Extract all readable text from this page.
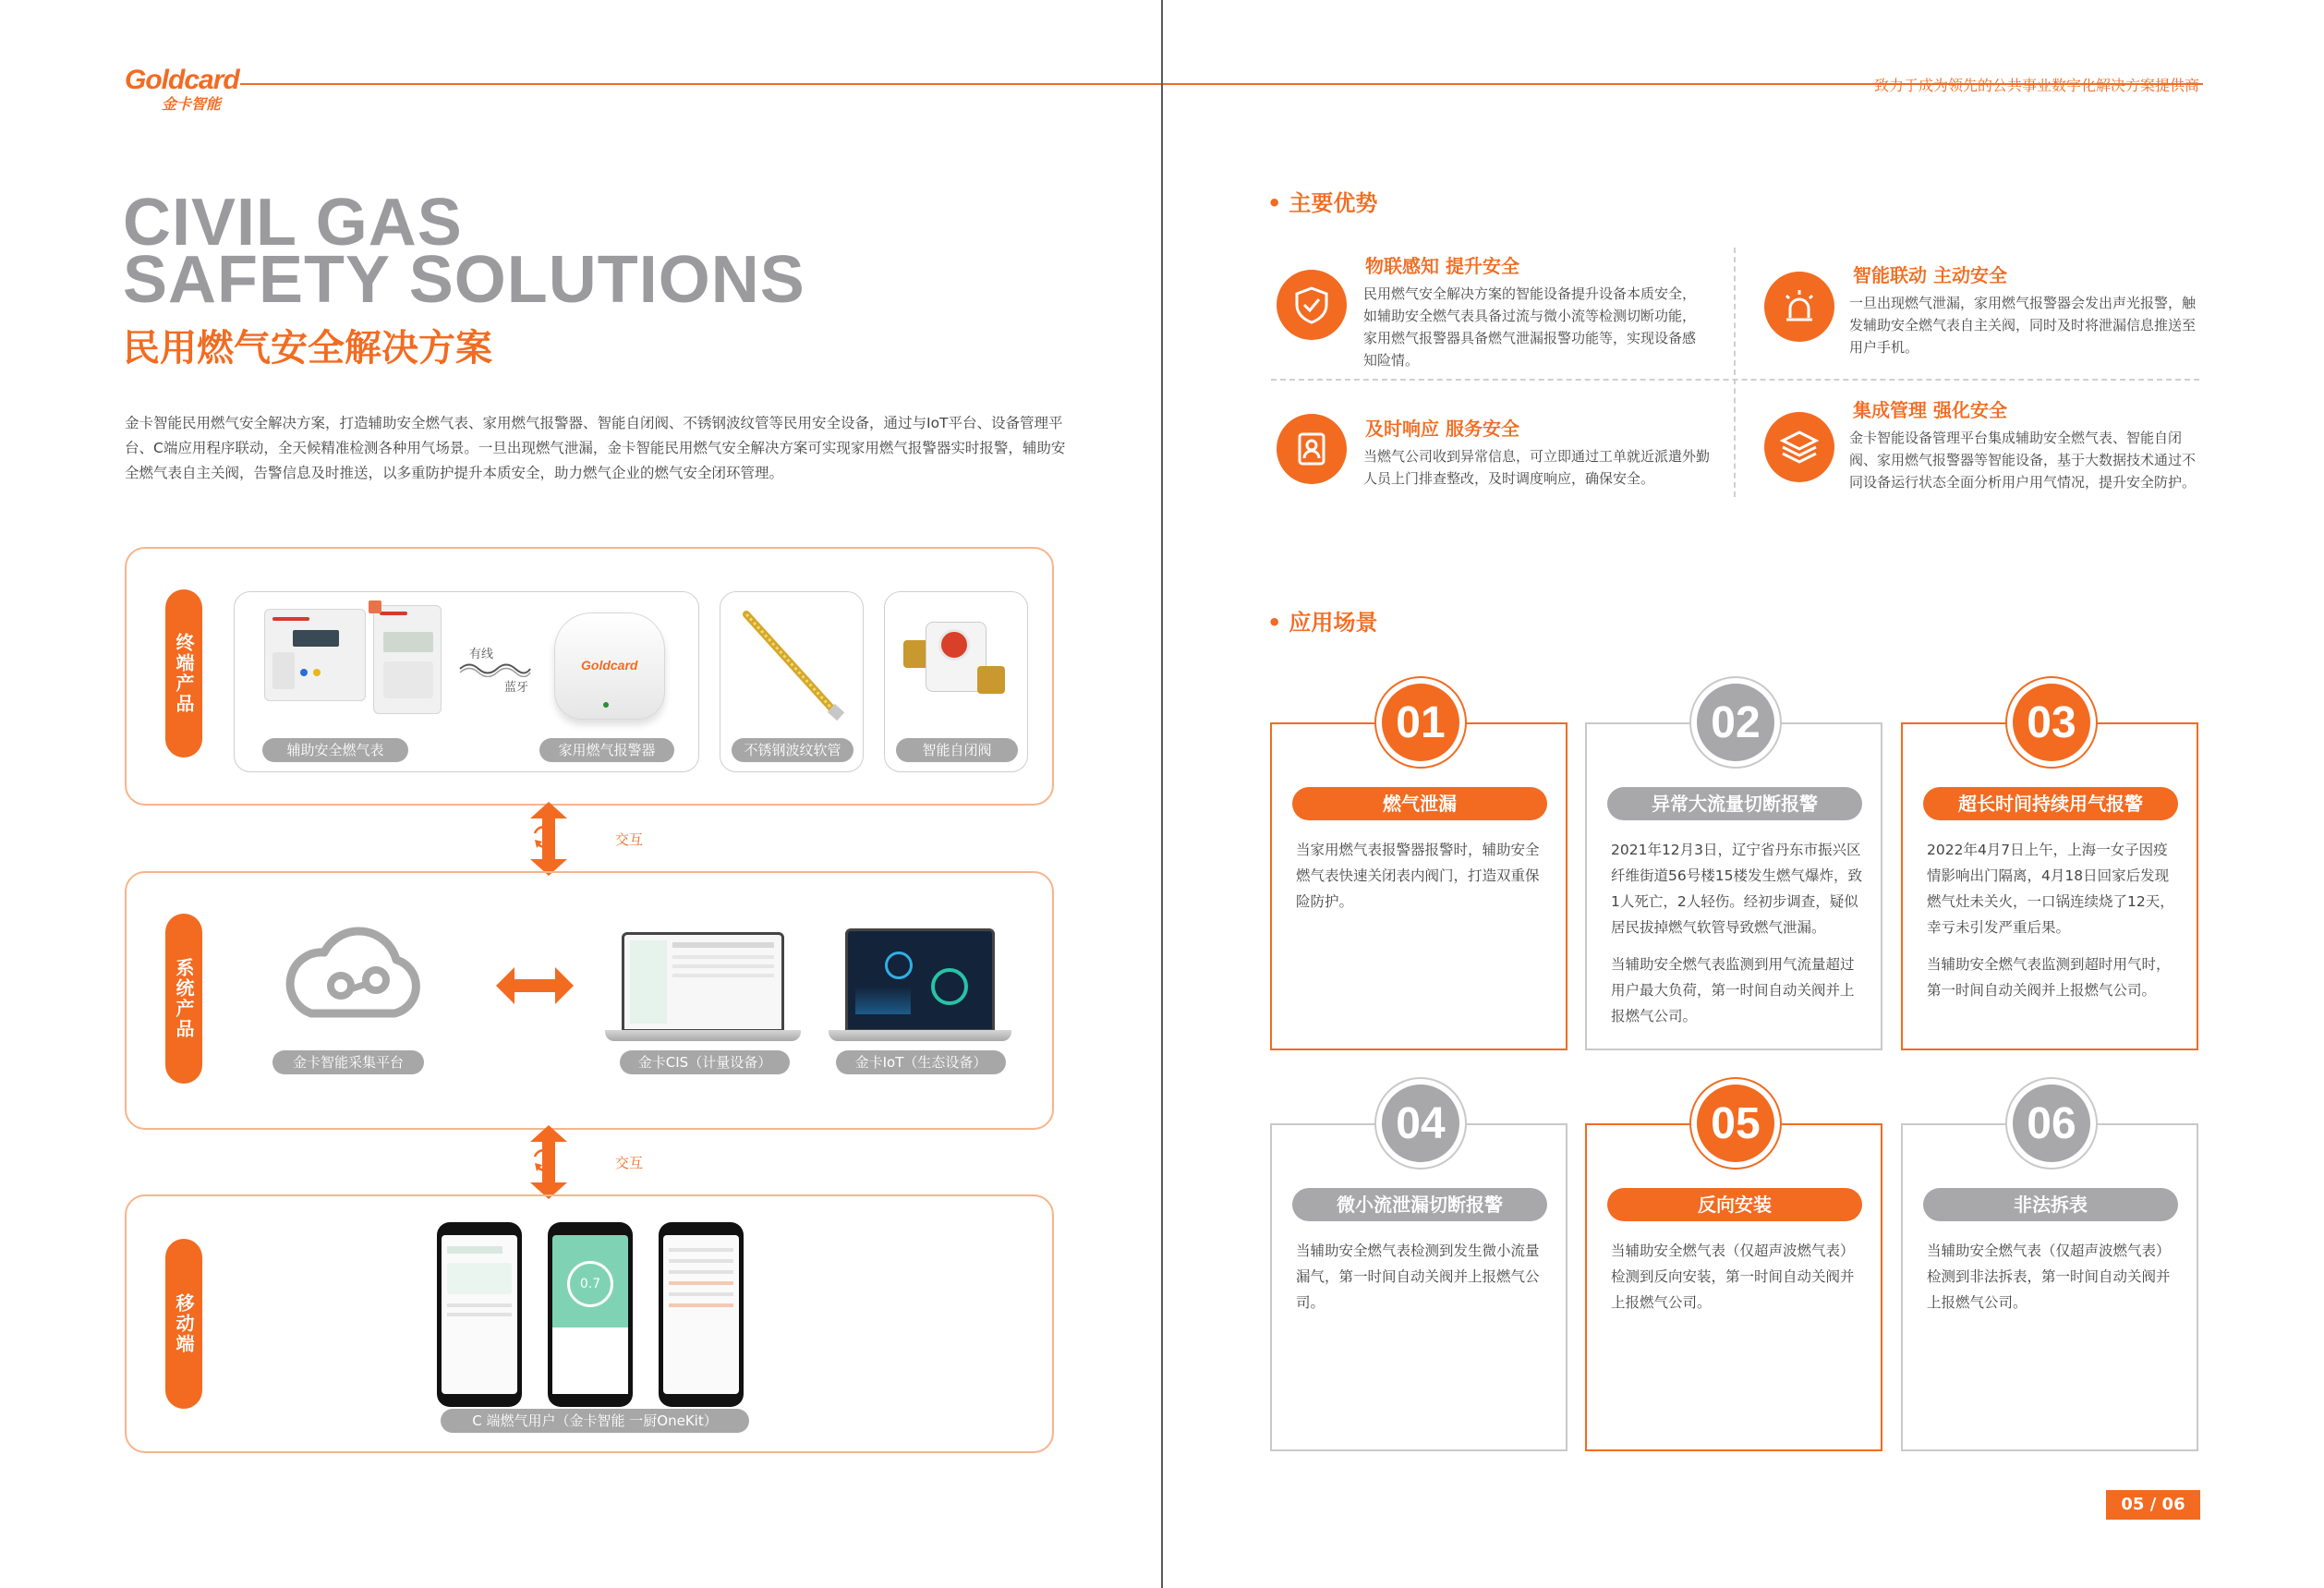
Goldcard
金卡智能
致力于成为领先的公共事业数字化解决方案提供商
CIVIL GAS
SAFETY SOLUTIONS
民用燃气安全解决方案
金卡智能民用燃气安全解决方案，打造辅助安全燃气表、家用燃气报警器、智能自闭阀、不锈钢波纹管等民用安全设备，通过与IoT平台、设备管理平台、C端应用程序联动，全天候精准检测各种用气场景。一旦出现燃气泄漏，金卡智能民用燃气安全解决方案可实现家用燃气报警器实时报警，辅助安全燃气表自主关阀，告警信息及时推送，以多重防护提升本质安全，助力燃气企业的燃气安全闭环管理。
终端产品	有线
蓝牙
Goldcard
辅助安全燃气表	家用燃气报警器	不锈钢波纹软管	智能自闭阀
交互
系统产品
金卡智能采集平台	金卡CIS（计量设备）	金卡IoT（生态设备）
交互
移动端
0.7
C 端燃气用户（金卡智能 一厨OneKit）
• 主要优势
物联感知 提升安全
民用燃气安全解决方案的智能设备提升设备本质安全，如辅助安全燃气表具备过流与微小流等检测切断功能，家用燃气报警器具备燃气泄漏报警功能等，实现设备感知险情。
智能联动 主动安全
一旦出现燃气泄漏，家用燃气报警器会发出声光报警，触发辅助安全燃气表自主关阀，同时及时将泄漏信息推送至用户手机。
及时响应 服务安全
当燃气公司收到异常信息，可立即通过工单就近派遣外勤人员上门排查整改，及时调度响应，确保安全。
集成管理 强化安全
金卡智能设备管理平台集成辅助安全燃气表、智能自闭阀、家用燃气报警器等智能设备，基于大数据技术通过不同设备运行状态全面分析用户用气情况，提升安全防护。
• 应用场景
01
燃气泄漏

当家用燃气表报警器报警时，辅助安全燃气表快速关闭表内阀门，打造双重保险防护。

02
异常大流量切断报警

2021年12月3日，辽宁省丹东市振兴区纤维街道56号楼15楼发生燃气爆炸，致1人死亡，2人轻伤。经初步调查，疑似居民拔掉燃气软管导致燃气泄漏。

当辅助安全燃气表监测到用气流量超过用户最大负荷，第一时间自动关阀并上报燃气公司。

03
超长时间持续用气报警

2022年4月7日上午，上海一女子因疫情影响出门隔离，4月18日回家后发现燃气灶未关火，一口锅连续烧了12天，幸亏未引发严重后果。

当辅助安全燃气表监测到超时用气时，第一时间自动关阀并上报燃气公司。

04
微小流泄漏切断报警

当辅助安全燃气表检测到发生微小流量漏气，第一时间自动关阀并上报燃气公司。

05
反向安装

当辅助安全燃气表（仅超声波燃气表）检测到反向安装，第一时间自动关阀并上报燃气公司。

06
非法拆表

当辅助安全燃气表（仅超声波燃气表）检测到非法拆表，第一时间自动关阀并上报燃气公司。

05 / 06
